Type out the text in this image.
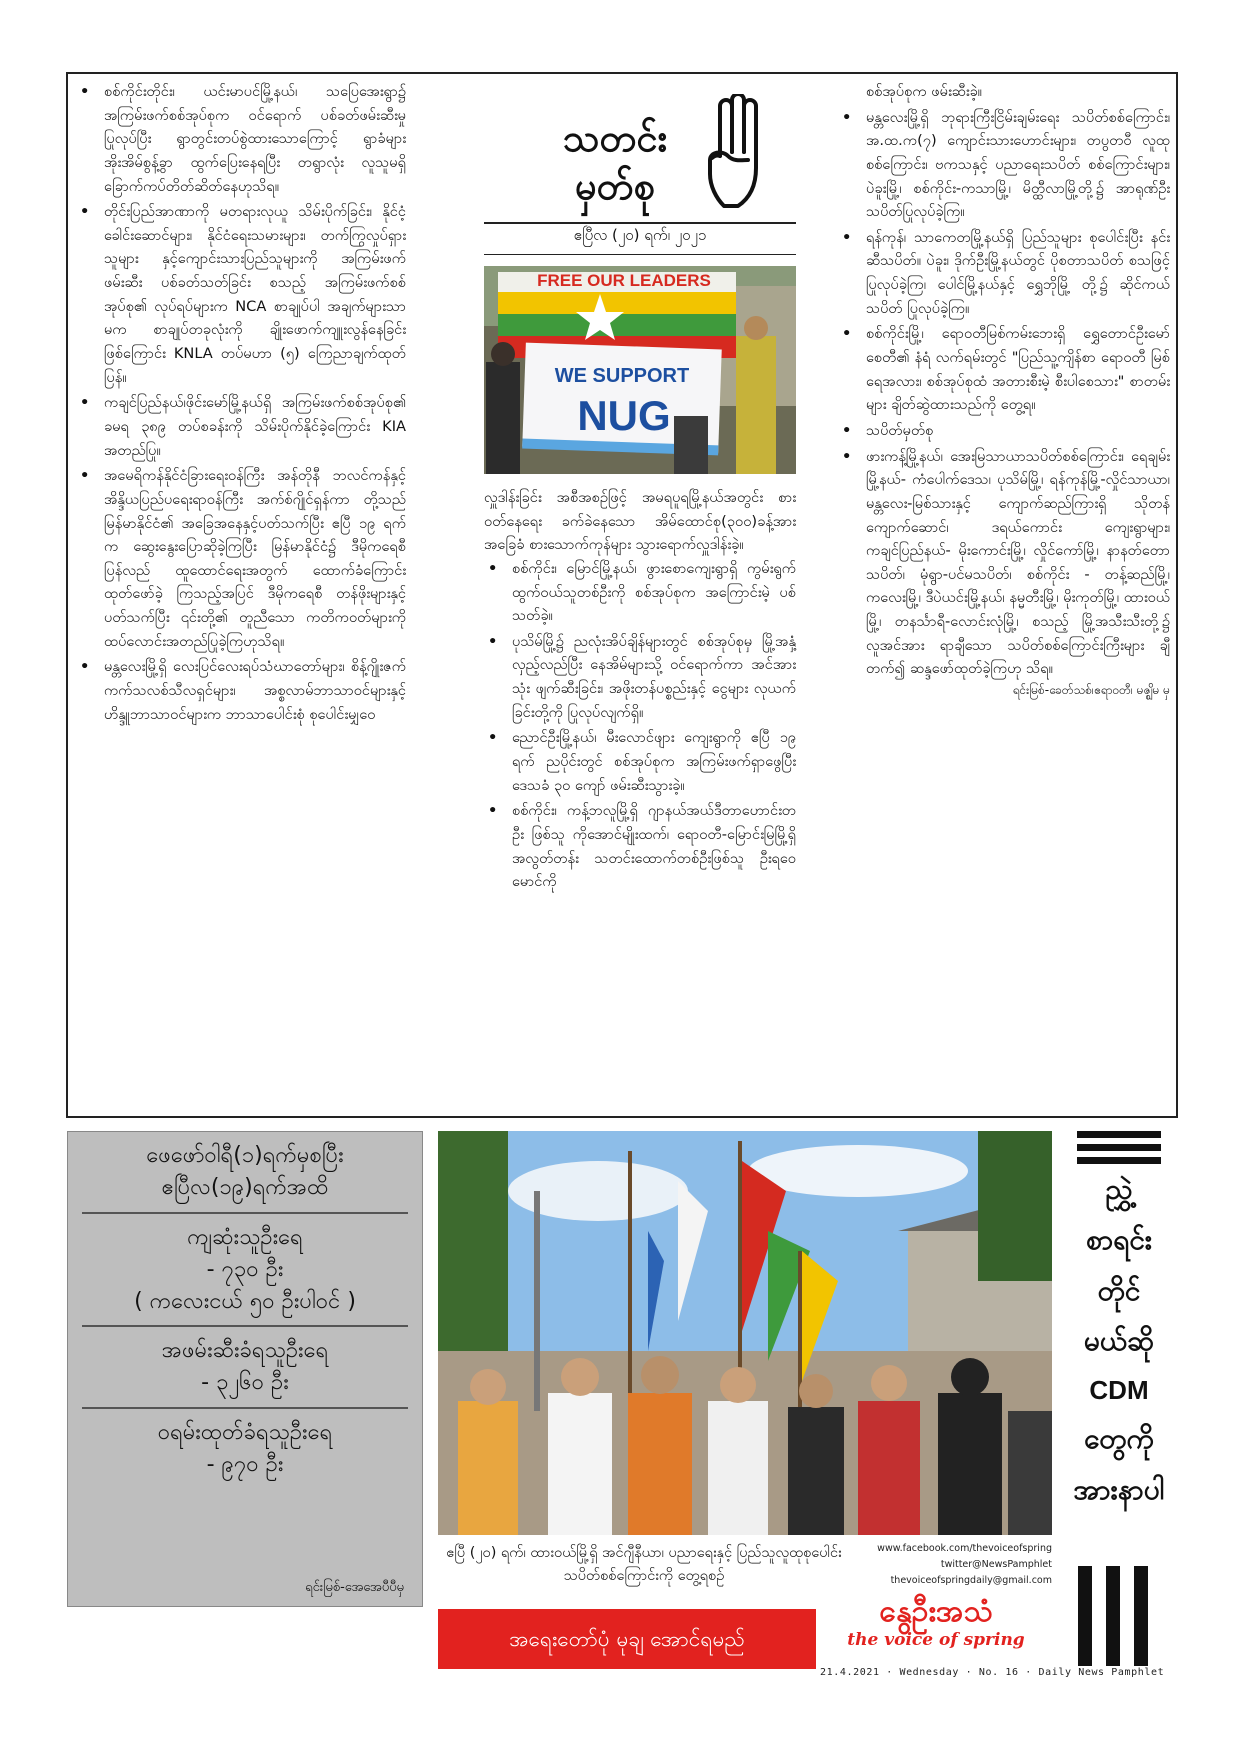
• စစ်ကိုင်းတိုင်း၊ ယင်းမာပင်မြို့နယ်၊ သပြေအေးရွာ၌ အကြမ်းဖက်စစ်အုပ်စုက ဝင်ရောက် ပစ်ခတ်ဖမ်းဆီးမှုပြုလုပ်ပြီး ရွာတွင်းတပ်စွဲထားသောကြောင့် ရွာခံများ အိုးအိမ်စွန့်ခွာ ထွက်ပြေးနေရပြီး တရွာလုံး လူသူမရှိ ခြောက်ကပ်တိတ်ဆိတ်နေဟုသိရ။
• တိုင်းပြည်အာဏာကို မတရားလုယူ သိမ်းပိုက်ခြင်း၊ နိုင်ငံ့ခေါင်းဆောင်များ၊ နိုင်ငံရေးသမားများ၊ တက်ကြွလှုပ်ရှားသူများ နှင့်ကျောင်းသားပြည်သူများကို အကြမ်းဖက်ဖမ်းဆီး ပစ်ခတ်သတ်ခြင်း စသည့် အကြမ်းဖက်စစ်အုပ်စု၏ လုပ်ရပ်များက NCA စာချုပ်ပါ အချက်များသာမက စာချုပ်တခုလုံးကို ချိုးဖောက်ကျူးလွန်နေခြင်း ဖြစ်ကြောင်း KNLA တပ်မဟာ (၅) ကြေညာချက်ထုတ်ပြန်။
• ကချင်ပြည်နယ်၊ဖိုင်းမော်မြို့နယ်ရှိ အကြမ်းဖက်စစ်အုပ်စု၏ ခမရ ၃၈၉ တပ်စခန်းကို သိမ်းပိုက်နိုင်ခဲ့ကြောင်း KIA အတည်ပြု။
• အမေရိကန်နိုင်ငံခြားရေးဝန်ကြီး အန်တိုနီ ဘလင်ကန်နှင့် အိန္ဒိယပြည်ပရေးရာဝန်ကြီး အက်စ်ဂျိုင်ရှန်ကာ တို့သည် မြန်မာနိုင်ငံ၏ အခြေအနေနှင့်ပတ်သက်ပြီး ဧပြီ ၁၉ ရက်က ဆွေးနွေးပြောဆိုခဲ့ကြပြီး မြန်မာနိုင်ငံ၌ ဒီမိုကရေစီ ပြန်လည် ထူထောင်ရေးအတွက် ထောက်ခံကြောင်း ထုတ်ဖော်ခဲ့ ကြသည့်အပြင် ဒီမိုကရေစီ တန်ဖိုးများနှင့်ပတ်သက်ပြီး ၎င်းတို့၏ တူညီသော ကတိကဝတ်များကို ထပ်လောင်းအတည်ပြုခဲ့ကြဟုသိရ။
• မန္တလေးမြို့ရှိ လေးပြင်လေးရပ်သံဃာတော်များ၊ စိန့်ဂျိုးဇက်ကက်သလစ်သီလရှင်များ၊ အစ္စလာမ်ဘာသာဝင်များနှင့် ဟိန္ဒူဘာသာဝင်များက ဘာသာပေါင်းစုံ စုပေါင်းမျှဝေ
သတင်း
မှတ်စု
ဧပြီလ (၂၀) ရက်၊ ၂၀၂၁
FREE OUR LEADERS
WE SUPPORT
NUG

လှူဒါန်းခြင်း အစီအစဉ်ဖြင့် အမရပူရမြို့နယ်အတွင်း စားဝတ်နေရေး ခက်ခဲနေသော အိမ်ထောင်စု(၃၀၀)ခန့်အား အခြေခံ စားသောက်ကုန်များ သွားရောက်လှူဒါန်းခဲ့။

• စစ်ကိုင်း၊ မြောင်မြို့နယ်၊ ဖွားစောကျေးရွာရှိ ကွမ်းရွက်ထွက်ဝယ်သူတစ်ဦးကို စစ်အုပ်စုက အကြောင်းမဲ့ ပစ်သတ်ခဲ့။
• ပုသိမ်မြို့၌ ညလုံးအိပ်ချိန်များတွင် စစ်အုပ်စုမှ မြို့အနှံ့လှည့်လည်ပြီး နေအိမ်များသို့ ဝင်ရောက်ကာ အင်အားသုံး ဖျက်ဆီးခြင်း၊ အဖိုးတန်ပစ္စည်းနှင့် ငွေများ လုယက်ခြင်းတို့ကို ပြုလုပ်လျက်ရှိ။
• ညောင်ဦးမြို့နယ်၊ မီးလောင်ဖျား ကျေးရွာကို ဧပြီ ၁၉ ရက် ညပိုင်းတွင် စစ်အုပ်စုက အကြမ်းဖက်ရှာဖွေပြီး ဒေသခံ ၃၀ ကျော် ဖမ်းဆီးသွားခဲ့။
• စစ်ကိုင်း၊ ကန့်ဘလူမြို့ရှိ ဂျာနယ်အယ်ဒီတာဟောင်းတဦး ဖြစ်သူ ကိုအောင်မျိုးထက်၊ ရောဝတီ-မြောင်းမြမြို့ရှိ အလွတ်တန်း သတင်းထောက်တစ်ဦးဖြစ်သူ ဦးရဝေမောင်ကို

စစ်အုပ်စုက ဖမ်းဆီးခဲ့။

• မန္တလေးမြို့ရှိ ဘုရားကြီးငြိမ်းချမ်းရေး သပိတ်စစ်ကြောင်း၊ အ.ထ.က(၇) ကျောင်းသားဟောင်းများ၊ တပွတဝီ လူထုစစ်ကြောင်း၊ ဗကသနှင့် ပညာရေးသပိတ် စစ်ကြောင်းများ၊ ပဲခူးမြို့၊ စစ်ကိုင်း-ကသာမြို့၊ မိတ္ထီလာမြို့တို့၌ အာရုဏ်ဦး သပိတ်ပြုလုပ်ခဲ့ကြ။
• ရန်ကုန်၊ သာကေတမြို့နယ်ရှိ ပြည်သူများ စုပေါင်းပြီး နင်းဆီသပိတ်။ ပဲခူး၊ ဒိုက်ဦးမြို့နယ်တွင် ပိုစတာသပိတ် စသဖြင့် ပြုလုပ်ခဲ့ကြ၊ ပေါင်မြို့နယ်နှင့် ရွှေဘိုမြို့ တို့၌ ဆိုင်ကယ်သပိတ် ပြုလုပ်ခဲ့ကြ။
• စစ်ကိုင်းမြို့၊ ရောဝတီမြစ်ကမ်းဘေးရှိ ရွှေတောင်ဦးမော်စေတီ၏ နံရံ လက်ရမ်းတွင် "ပြည်သူ့ကျိန်စာ ရောဝတီ မြစ်ရေအလား၊ စစ်အုပ်စုထံ အတားစီးမဲ့ စီးပါစေသား" စာတမ်းများ ချိတ်ဆွဲထားသည်ကို တွေ့ရ။
• သပိတ်မှတ်စု
• ဖားကန့်မြို့နယ်၊ အေးမြသာယာသပိတ်စစ်ကြောင်း၊ ရေချမ်းမြို့နယ်- ကံပေါက်ဒေသ၊ ပုသိမ်မြို့၊ ရန်ကုန်မြို့-လှိုင်သာယာ၊ မန္တလေး-မြစ်သားနှင့် ကျောက်ဆည်ကြားရှိ သိုတန်ကျောက်ဆောင်၊ ဒရယ်ကောင်း ကျေးရွာများ၊ ကချင်ပြည်နယ်- မိုးကောင်းမြို့၊ လှိုင်ကော်မြို့၊ နာနတ်တောသပိတ်၊ မုံရွာ-ပင်မသပိတ်၊ စစ်ကိုင်း - တန့်ဆည်မြို့၊ ကလေးမြို့၊ ဒီပဲယင်းမြို့နယ်၊ နမ္မတီးမြို့၊ မိုးကုတ်မြို့၊ ထားဝယ်မြို့၊ တနင်္သာရီ-လောင်းလုံမြို့၊ စသည့် မြို့အသီးသီးတို့၌ လူအင်အား ရာချီသော သပိတ်စစ်ကြောင်းကြီးများ ချီတက်၍ ဆန္ဒဖော်ထုတ်ခဲ့ကြဟု သိရ။
ရင်းမြစ်-ခေတ်သစ်၊ဧရာဝတီ၊ မဇ္ဈိမ မှ
ဖေဖော်ဝါရီ(၁)ရက်မှစပြီး
ဧပြီလ(၁၉)ရက်အထိ
ကျဆုံးသူဦးရေ
- ၇၃၀ ဦး
( ကလေးငယ် ၅၀ ဦးပါဝင် )
အဖမ်းဆီးခံရသူဦးရေ
- ၃၂၆၀ ဦး
ဝရမ်းထုတ်ခံရသူဦးရေ
- ၉၇၀ ဦး
ရင်းမြစ်-အေအေပီပီမှ
ဧပြီ (၂၀) ရက်၊ ထားဝယ်မြို့ရှိ အင်ဂျီနီယာ၊ ပညာရေးနှင့် ပြည်သူလူထုစုပေါင်းသပိတ်စစ်ကြောင်းကို တွေ့ရစဉ်
အရေးတော်ပုံ မုချ အောင်ရမည်
ညွှဲ့
စာရင်း
တိုင်
မယ်ဆို
CDM
တွေကို
အားနာပါ
www.facebook.com/thevoiceofspring
twitter@NewsPamphlet
thevoiceofspringdaily@gmail.com
နွေဦးအသံ
the voice of spring
21.4.2021 · Wednesday · No. 16 · Daily News Pamphlet
